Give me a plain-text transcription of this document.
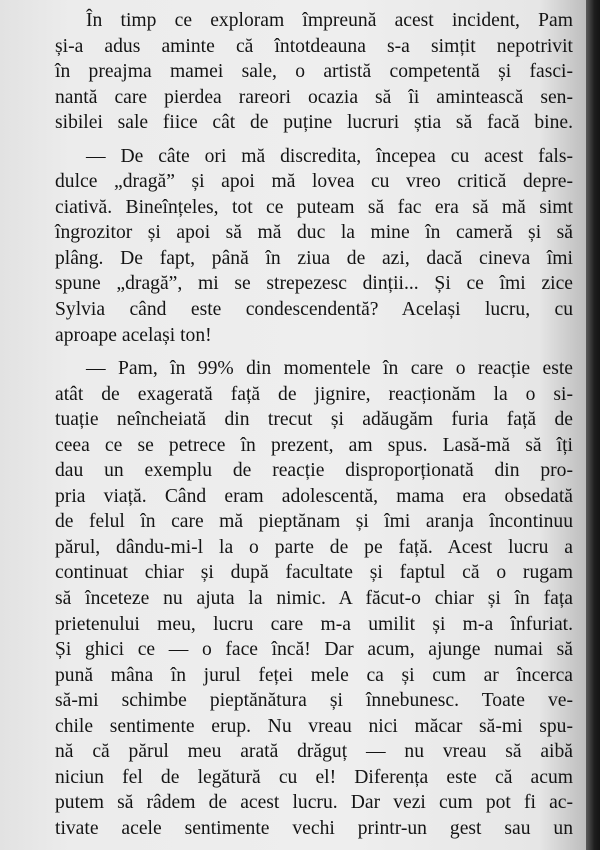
În timp ce exploram împreună acest incident, Pam
și-a adus aminte că întotdeauna s-a simțit nepotrivit
în preajma mamei sale, o artistă competentă și fasci-
nantă care pierdea rareori ocazia să îi amintească sen-
sibilei sale fiice cât de puține lucruri știa să facă bine.
— De câte ori mă discredita, începea cu acest fals-
dulce „dragă” și apoi mă lovea cu vreo critică depre-
ciativă. Bineînțeles, tot ce puteam să fac era să mă simt
îngrozitor și apoi să mă duc la mine în cameră și să
plâng. De fapt, până în ziua de azi, dacă cineva îmi
spune „dragă”, mi se strepezesc dinții... Și ce îmi zice
Sylvia când este condescendentă? Același lucru, cu
aproape același ton!
— Pam, în 99% din momentele în care o reacție este
atât de exagerată față de jignire, reacționăm la o si-
tuație neîncheiată din trecut și adăugăm furia față de
ceea ce se petrece în prezent, am spus. Lasă-mă să îți
dau un exemplu de reacție disproporționată din pro-
pria viață. Când eram adolescentă, mama era obsedată
de felul în care mă pieptănam și îmi aranja încontinuu
părul, dându-mi-l la o parte de pe față. Acest lucru a
continuat chiar și după facultate și faptul că o rugam
să înceteze nu ajuta la nimic. A făcut-o chiar și în fața
prietenului meu, lucru care m-a umilit și m-a înfuriat.
Și ghici ce — o face încă! Dar acum, ajunge numai să
pună mâna în jurul feței mele ca și cum ar încerca
să-mi schimbe pieptănătura și înnebunesc. Toate ve-
chile sentimente erup. Nu vreau nici măcar să-mi spu-
nă că părul meu arată drăguț — nu vreau să aibă
niciun fel de legătură cu el! Diferența este că acum
putem să râdem de acest lucru. Dar vezi cum pot fi ac-
tivate acele sentimente vechi printr-un gest sau un
